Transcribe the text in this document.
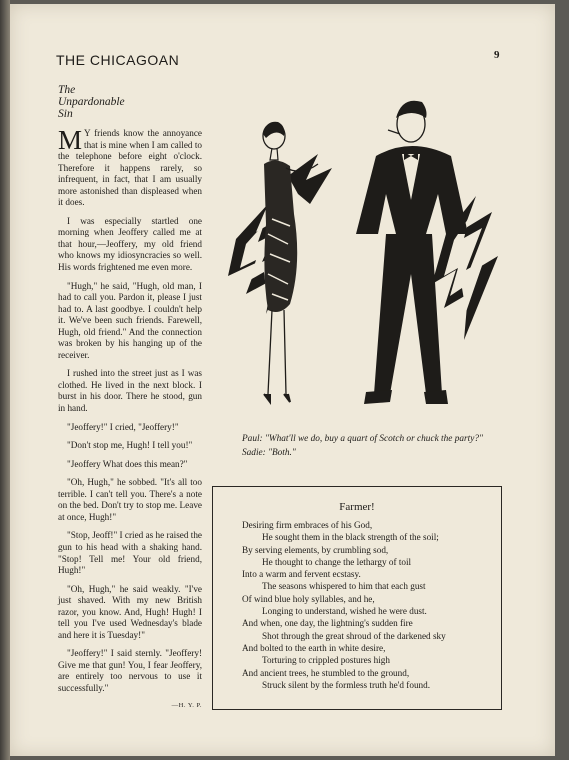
THE CHICAGOAN	9
The
Unpardonable
Sin

M Y friends know the annoyance that is mine when I am called to the telephone before eight o'clock. Therefore it happens rarely, so infrequent, in fact, that I am usually more astonished than displeased when it does.

I was especially startled one morning when Jeoffery called me at that hour,—Jeoffery, my old friend who knows my idiosyncracies so well. His words frightened me even more.

"Hugh," he said, "Hugh, old man, I had to call you. Pardon it, please I just had to. A last goodbye. I couldn't help it. We've been such friends. Farewell, Hugh, old friend." And the connection was broken by his hanging up of the receiver.

I rushed into the street just as I was clothed. He lived in the next block. I burst in his door. There he stood, gun in hand.

"Jeoffery!" I cried, "Jeoffery!"

"Don't stop me, Hugh! I tell you!"

"Jeoffery What does this mean?"

"Oh, Hugh," he sobbed. "It's all too terrible. I can't tell you. There's a note on the bed. Don't try to stop me. Leave at once, Hugh!"

"Stop, Jeoff!" I cried as he raised the gun to his head with a shaking hand. "Stop! Tell me! Your old friend, Hugh!"

"Oh, Hugh," he said weakly. "I've just shaved. With my new British razor, you know. And, Hugh! Hugh! I tell you I've used Wednesday's blade and here it is Tuesday!"

"Jeoffery!" I said sternly. "Jeoffery! Give me that gun! You, I fear Jeoffery, are entirely too nervous to use it successfully."

—H. Y. P.
Paul: "What'll we do, buy a quart of Scotch or chuck the party?"
Sadie: "Both."
Farmer!
Desiring firm embraces of his God,
He sought them in the black strength of the soil;
By serving elements, by crumbling sod,
He thought to change the lethargy of toil
Into a warm and fervent ecstasy.
The seasons whispered to him that each gust
Of wind blue holy syllables, and he,
Longing to understand, wished he were dust.
And when, one day, the lightning's sudden fire
Shot through the great shroud of the darkened sky
And bolted to the earth in white desire,
Torturing to crippled postures high
And ancient trees, he stumbled to the ground,
Struck silent by the formless truth he'd found.
